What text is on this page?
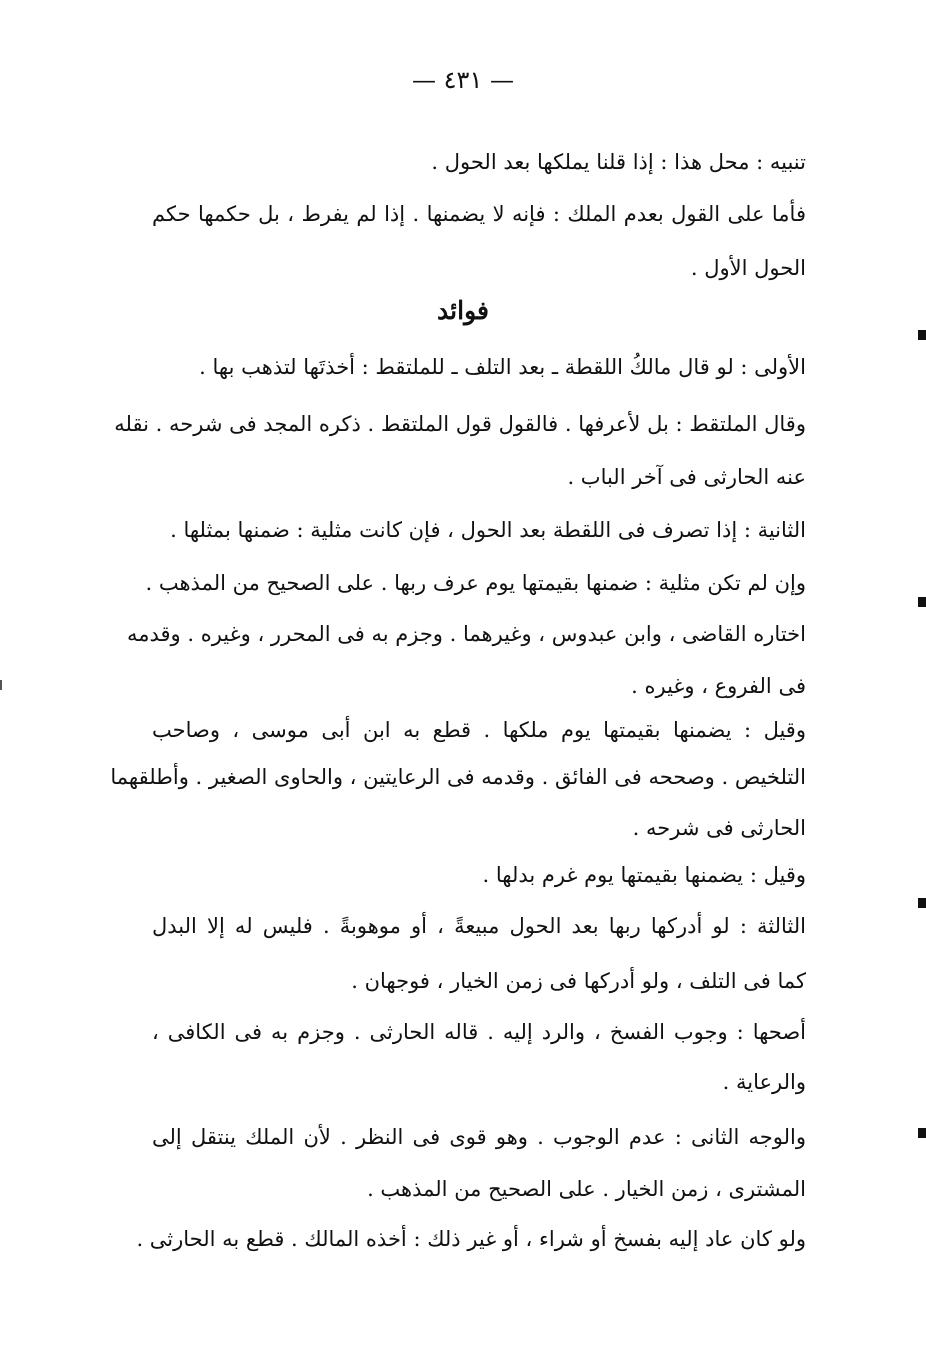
— ٤٣١ —

تنبيه : محل هذا : إذا قلنا يملكها بعد الحول .

فأما على القول بعدم الملك : فإنه لا يضمنها . إذا لم يفرط ، بل حكمها حكم

الحول الأول .

فوائد

الأولى : لو قال مالكُ اللقطة ـ بعد التلف ـ للملتقط : أخذتَها لتذهب بها .

وقال الملتقط : بل لأعرفها . فالقول قول الملتقط . ذكره المجد فى شرحه . نقله

عنه الحارثى فى آخر الباب .

الثانية : إذا تصرف فى اللقطة بعد الحول ، فإن كانت مثلية : ضمنها بمثلها .

وإن لم تكن مثلية : ضمنها بقيمتها يوم عرف ربها . على الصحيح من المذهب .

اختاره القاضى ، وابن عبدوس ، وغيرهما . وجزم به فى المحرر ، وغيره . وقدمه

فى الفروع ، وغيره .

وقيل : يضمنها بقيمتها يوم ملكها . قطع به ابن أبى موسى ، وصاحب

التلخيص . وصححه فى الفائق . وقدمه فى الرعايتين ، والحاوى الصغير . وأطلقهما

الحارثى فى شرحه .

وقيل : يضمنها بقيمتها يوم غرم بدلها .

الثالثة : لو أدركها ربها بعد الحول مبيعةً ، أو موهوبةً . فليس له إلا البدل

كما فى التلف ، ولو أدركها فى زمن الخيار ، فوجهان .

أصحها : وجوب الفسخ ، والرد إليه . قاله الحارثى . وجزم به فى الكافى ،

والرعاية .

والوجه الثانى : عدم الوجوب . وهو قوى فى النظر . لأن الملك ينتقل إلى

المشترى ، زمن الخيار . على الصحيح من المذهب .

ولو كان عاد إليه بفسخ أو شراء ، أو غير ذلك : أخذه المالك . قطع به الحارثى .
